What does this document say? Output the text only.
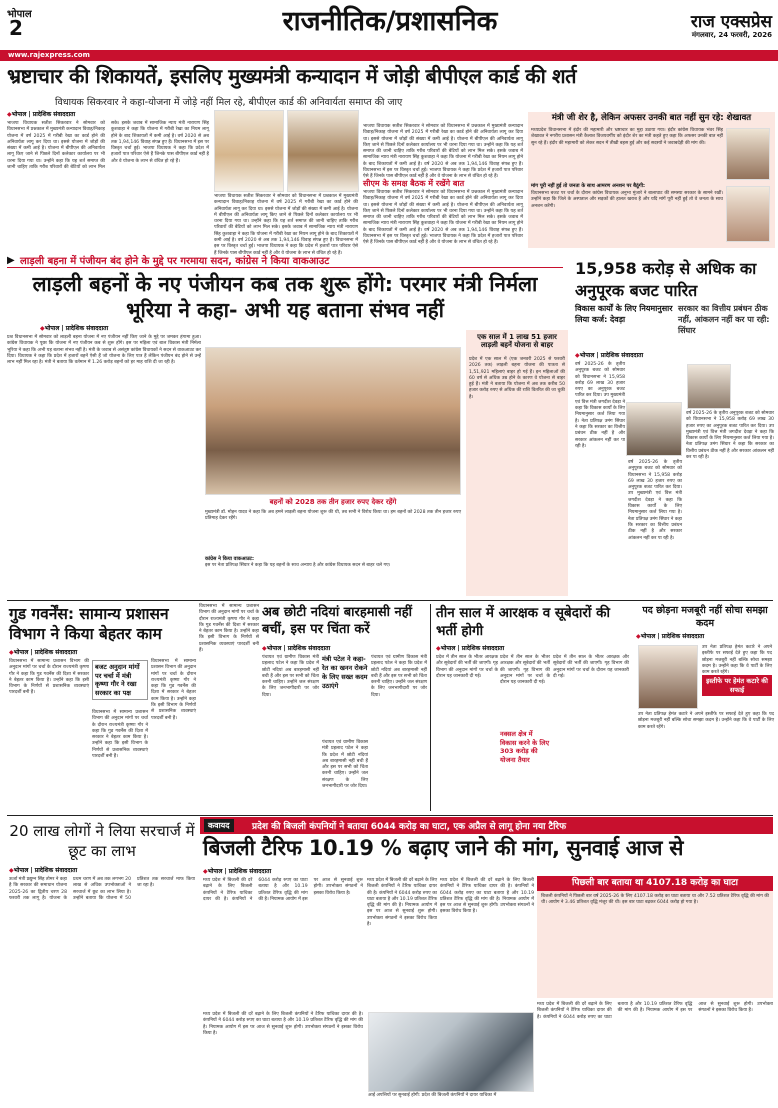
भोपाल
2	राजनीतिक/प्रशासनिक	राज एक्सप्रेस
मंगलवार, 24 फरवरी, 2026
www.rajexpress.com
भ्रष्टाचार की शिकायतें, इसलिए मुख्यमंत्री कन्यादान में जोड़ी बीपीएल कार्ड की शर्त
विधायक सिकरवार ने कहा-योजना में जोड़े नहीं मिल रहे, बीपीएल कार्ड की अनिवार्यता समाप्त की जाए
◆ भोपाल | प्रादेशिक संवाददाता
भाजपा विधायक सतीश सिकरवार ने सोमवार को विधानसभा में प्रश्नकाल में मुख्यमंत्री कन्यादान विवाह/निकाह योजना में वर्ष 2025 में गरीबी रेखा का कार्ड होने की अनिवार्यता लागू कर दिया था। इससे योजना में जोड़ों की संख्या में कमी आई है। योजना में बीपीएल की अनिवार्यता लागू किए जाने से पिछले दिनों कलेक्टर कार्यालय पर भी धरना दिया गया था। उन्होंने कहा कि यह शर्त समाप्त की जानी चाहिए ताकि गरीब परिवारों की बेटियों को लाभ मिल सके। इसके जवाब में सामाजिक न्याय मंत्री नारायण सिंह कुशवाहा ने कहा कि योजना में गरीबी रेखा का नियम लागू होने के बाद शिकायतों में कमी आई है। वर्ष 2020 से अब तक 1,94,146 विवाह संपन्न हुए हैं। विधानसभा में इस पर विस्तृत चर्चा हुई। भाजपा विधायक ने कहा कि प्रदेश में हजारों पात्र परिवार ऐसे हैं जिनके पास बीपीएल कार्ड नहीं है और वे योजना के लाभ से वंचित हो रहे हैं।
भाजपा विधायक सतीश सिकरवार ने सोमवार को विधानसभा में प्रश्नकाल में मुख्यमंत्री कन्यादान विवाह/निकाह योजना में वर्ष 2025 में गरीबी रेखा का कार्ड होने की अनिवार्यता लागू कर दिया था। इससे योजना में जोड़ों की संख्या में कमी आई है। योजना में बीपीएल की अनिवार्यता लागू किए जाने से पिछले दिनों कलेक्टर कार्यालय पर भी धरना दिया गया था। उन्होंने कहा कि यह शर्त समाप्त की जानी चाहिए ताकि गरीब परिवारों की बेटियों को लाभ मिल सके। इसके जवाब में सामाजिक न्याय मंत्री नारायण सिंह कुशवाहा ने कहा कि योजना में गरीबी रेखा का नियम लागू होने के बाद शिकायतों में कमी आई है। वर्ष 2020 से अब तक 1,94,146 विवाह संपन्न हुए हैं। विधानसभा में इस पर विस्तृत चर्चा हुई। भाजपा विधायक ने कहा कि प्रदेश में हजारों पात्र परिवार ऐसे हैं जिनके पास बीपीएल कार्ड नहीं है और वे योजना के लाभ से वंचित हो रहे हैं।
भाजपा विधायक सतीश सिकरवार ने सोमवार को विधानसभा में प्रश्नकाल में मुख्यमंत्री कन्यादान विवाह/निकाह योजना में वर्ष 2025 में गरीबी रेखा का कार्ड होने की अनिवार्यता लागू कर दिया था। इससे योजना में जोड़ों की संख्या में कमी आई है। योजना में बीपीएल की अनिवार्यता लागू किए जाने से पिछले दिनों कलेक्टर कार्यालय पर भी धरना दिया गया था। उन्होंने कहा कि यह शर्त समाप्त की जानी चाहिए ताकि गरीब परिवारों की बेटियों को लाभ मिल सके। इसके जवाब में सामाजिक न्याय मंत्री नारायण सिंह कुशवाहा ने कहा कि योजना में गरीबी रेखा का नियम लागू होने के बाद शिकायतों में कमी आई है। वर्ष 2020 से अब तक 1,94,146 विवाह संपन्न हुए हैं। विधानसभा में इस पर विस्तृत चर्चा हुई। भाजपा विधायक ने कहा कि प्रदेश में हजारों पात्र परिवार ऐसे हैं जिनके पास बीपीएल कार्ड नहीं है और वे योजना के लाभ से वंचित हो रहे हैं।
सीएम के समक्ष बैठक में रखेंगे बात
भाजपा विधायक सतीश सिकरवार ने सोमवार को विधानसभा में प्रश्नकाल में मुख्यमंत्री कन्यादान विवाह/निकाह योजना में वर्ष 2025 में गरीबी रेखा का कार्ड होने की अनिवार्यता लागू कर दिया था। इससे योजना में जोड़ों की संख्या में कमी आई है। योजना में बीपीएल की अनिवार्यता लागू किए जाने से पिछले दिनों कलेक्टर कार्यालय पर भी धरना दिया गया था। उन्होंने कहा कि यह शर्त समाप्त की जानी चाहिए ताकि गरीब परिवारों की बेटियों को लाभ मिल सके। इसके जवाब में सामाजिक न्याय मंत्री नारायण सिंह कुशवाहा ने कहा कि योजना में गरीबी रेखा का नियम लागू होने के बाद शिकायतों में कमी आई है। वर्ष 2020 से अब तक 1,94,146 विवाह संपन्न हुए हैं। विधानसभा में इस पर विस्तृत चर्चा हुई। भाजपा विधायक ने कहा कि प्रदेश में हजारों पात्र परिवार ऐसे हैं जिनके पास बीपीएल कार्ड नहीं है और वे योजना के लाभ से वंचित हो रहे हैं।
मंत्री जी शेर है, लेकिन अफसर उनकी बात नहीं सुन रहे: शेखावत
मध्यप्रदेश विधानसभा में इंदौर की महामारी और भ्रष्टाचार का मुद्दा उठाया गया। इंदौर कांग्रेस विधायक भंवर सिंह शेखावत ने नगरीय प्रशासन मंत्री कैलाश विजयवर्गीय को इंदौर शेर का मंत्री कहते हुए कहा कि अफसर उनकी बात नहीं सुन रहे हैं। इंदौर की महामारी को लेकर सदन में तीखी बहस हुई और कई सदस्यों ने जवाबदेही की मांग की।
मांग पूरी नहीं हुई तो जनता के साथ आमरण अनशन पर बैठूंगी:
विधानसभा बजट पर चर्चा के दौरान कांग्रेस विधायक अनुभा मुंजारे ने बालाघाट की समस्या सरकार के सामने रखीं। उन्होंने कहा कि जिले के अस्पताल और सड़कों की हालत खराब है और यदि मांगें पूरी नहीं हुईं तो वे जनता के साथ अनशन करेंगी।
▶ लाड़ली बहना में पंजीयन बंद होने के मुद्दे पर गरमाया सदन, कांग्रेस ने किया वाकआउट
लाड़ली बहनों के नए पंजीयन कब तक शुरू होंगे: परमार मंत्री निर्मला भूरिया ने कहा- अभी यह बताना संभव नहीं
◆ भोपाल | प्रादेशिक संवाददाता
प्रश्न विधानसभा में सोमवार को लाड़ली बहना योजना में नए पंजीयन नहीं किए जाने के मुद्दे पर जमकर हंगामा हुआ। कांग्रेस विधायक ने पूछा कि योजना में नए पंजीयन कब से शुरू होंगे। इस पर महिला एवं बाल विकास मंत्री निर्मला भूरिया ने कहा कि अभी यह बताना संभव नहीं है। मंत्री के जवाब से असंतुष्ट कांग्रेस विधायकों ने सदन से वाकआउट कर दिया। विधायक ने कहा कि प्रदेश में हजारों बहनें ऐसी हैं जो योजना के लिए पात्र हैं लेकिन पंजीयन बंद होने से उन्हें लाभ नहीं मिल रहा है। मंत्री ने बताया कि वर्तमान में 1.26 करोड़ बहनों को हर माह राशि दी जा रही है।
बहनों को 2028 तक तीन हजार रुपए देकर रहेंगे
मुख्यमंत्री डॉ. मोहन यादव ने कहा कि अब हमने लाड़ली बहना योजना शुरू की थी, तब सभी ने विरोध किया था। हम बहनों को 2028 तक तीन हजार रुपए प्रतिमाह देकर रहेंगे।
कांग्रेस ने किया वाकआउट:
इस पर नेता प्रतिपक्ष सिंघार ने कहा कि यह बहनों के साथ अन्याय है और कांग्रेस विधायक सदन से बाहर चले गए।
एक साल में 1 लाख 51 हजार लाड़ली बहनें योजना से बाहर
प्रदेश में एक साल में (एक जनवरी 2025 से फरवरी 2026 तक) लाड़ली बहना योजना की पात्रता से 1,51,921 महिलाएं बाहर हो गई हैं। इन महिलाओं की 60 वर्ष से अधिक उम्र होने के कारण वे योजना से बाहर हुई हैं। मंत्री ने बताया कि योजना में अब तक करीब 50 हजार करोड़ रुपए से अधिक की राशि वितरित की जा चुकी है।
15,958 करोड़ से अधिक का अनुपूरक बजट पारित
विकास कार्यों के लिए नियमानुसार लिया कर्ज: देवड़ा
सरकार का वित्तीय प्रबंधन ठीक नहीं, आंकलन नहीं कर पा रही: सिंघार
◆ भोपाल | प्रादेशिक संवाददाता
वर्ष 2025-26 के तृतीय अनुपूरक बजट को सोमवार को विधानसभा ने 15,958 करोड़ 69 लाख 30 हजार रुपए का अनुपूरक बजट पारित कर दिया। उप मुख्यमंत्री एवं वित्त मंत्री जगदीश देवड़ा ने कहा कि विकास कार्यों के लिए नियमानुसार कर्ज लिया गया है। नेता प्रतिपक्ष उमंग सिंघार ने कहा कि सरकार का वित्तीय प्रबंधन ठीक नहीं है और सरकार आंकलन नहीं कर पा रही है।
वर्ष 2025-26 के तृतीय अनुपूरक बजट को सोमवार को विधानसभा ने 15,958 करोड़ 69 लाख 30 हजार रुपए का अनुपूरक बजट पारित कर दिया। उप मुख्यमंत्री एवं वित्त मंत्री जगदीश देवड़ा ने कहा कि विकास कार्यों के लिए नियमानुसार कर्ज लिया गया है। नेता प्रतिपक्ष उमंग सिंघार ने कहा कि सरकार का वित्तीय प्रबंधन ठीक नहीं है और सरकार आंकलन नहीं कर पा रही है।
वर्ष 2025-26 के तृतीय अनुपूरक बजट को सोमवार को विधानसभा ने 15,958 करोड़ 69 लाख 30 हजार रुपए का अनुपूरक बजट पारित कर दिया। उप मुख्यमंत्री एवं वित्त मंत्री जगदीश देवड़ा ने कहा कि विकास कार्यों के लिए नियमानुसार कर्ज लिया गया है। नेता प्रतिपक्ष उमंग सिंघार ने कहा कि सरकार का वित्तीय प्रबंधन ठीक नहीं है और सरकार आंकलन नहीं कर पा रही है।
गुड गवर्नेंस: सामान्य प्रशासन विभाग ने किया बेहतर काम
◆ भोपाल | प्रादेशिक संवाददाता
विधानसभा में सामान्य प्रशासन विभाग की अनुदान मांगों पर चर्चा के दौरान राज्यमंत्री कृष्णा गौर ने कहा कि गुड गवर्नेंस की दिशा में सरकार ने बेहतर काम किया है। उन्होंने कहा कि इसी विभाग के निर्णयों से प्रशासनिक व्यवस्थाएं पारदर्शी बनी हैं।
बजट अनुदान मांगों पर चर्चा में मंत्री कृष्णा गौर ने रखा सरकार का पक्ष
विधानसभा में सामान्य प्रशासन विभाग की अनुदान मांगों पर चर्चा के दौरान राज्यमंत्री कृष्णा गौर ने कहा कि गुड गवर्नेंस की दिशा में सरकार ने बेहतर काम किया है। उन्होंने कहा कि इसी विभाग के निर्णयों से प्रशासनिक व्यवस्थाएं पारदर्शी बनी हैं।
विधानसभा में सामान्य प्रशासन विभाग की अनुदान मांगों पर चर्चा के दौरान राज्यमंत्री कृष्णा गौर ने कहा कि गुड गवर्नेंस की दिशा में सरकार ने बेहतर काम किया है। उन्होंने कहा कि इसी विभाग के निर्णयों से प्रशासनिक व्यवस्थाएं पारदर्शी बनी हैं।
विधानसभा में सामान्य प्रशासन विभाग की अनुदान मांगों पर चर्चा के दौरान राज्यमंत्री कृष्णा गौर ने कहा कि गुड गवर्नेंस की दिशा में सरकार ने बेहतर काम किया है। उन्होंने कहा कि इसी विभाग के निर्णयों से प्रशासनिक व्यवस्थाएं पारदर्शी बनी हैं।
अब छोटी नदियां बारहमासी नहीं बचीं, इस पर चिंता करें
◆ भोपाल | प्रादेशिक संवाददाता
पंचायत एवं ग्रामीण विकास मंत्री प्रहलाद पटेल ने कहा कि प्रदेश में छोटी नदियां अब बारहमासी नहीं बची हैं और इस पर सभी को चिंता करनी चाहिए। उन्होंने जल संरक्षण के लिए जनभागीदारी पर जोर दिया।
मंत्री पटेल ने कहा-रेत का खनन रोकने के लिए सख्त कदम उठाएंगे
पंचायत एवं ग्रामीण विकास मंत्री प्रहलाद पटेल ने कहा कि प्रदेश में छोटी नदियां अब बारहमासी नहीं बची हैं और इस पर सभी को चिंता करनी चाहिए। उन्होंने जल संरक्षण के लिए जनभागीदारी पर जोर दिया।
पंचायत एवं ग्रामीण विकास मंत्री प्रहलाद पटेल ने कहा कि प्रदेश में छोटी नदियां अब बारहमासी नहीं बची हैं और इस पर सभी को चिंता करनी चाहिए। उन्होंने जल संरक्षण के लिए जनभागीदारी पर जोर दिया।
तीन साल में आरक्षक व सूबेदारों की भर्ती होगी
◆ भोपाल | प्रादेशिक संवाददाता
प्रदेश में तीन साल के भीतर आरक्षक और सूबेदारों की भर्ती की जाएगी। गृह विभाग की अनुदान मांगों पर चर्चा के दौरान यह जानकारी दी गई।
नक्सल क्षेत्र में विकास करने के लिए 303 करोड़ की योजना तैयार
प्रदेश में तीन साल के भीतर आरक्षक और सूबेदारों की भर्ती की जाएगी। गृह विभाग की अनुदान मांगों पर चर्चा के दौरान यह जानकारी दी गई।
प्रदेश में तीन साल के भीतर आरक्षक और सूबेदारों की भर्ती की जाएगी। गृह विभाग की अनुदान मांगों पर चर्चा के दौरान यह जानकारी दी गई।
पद छोड़ना मजबूरी नहीं सोचा समझा कदम
◆ भोपाल | प्रादेशिक संवाददाता
इस्तीफे पर हेमंत कटारे की सफाई
उप नेता प्रतिपक्ष हेमंत कटारे ने अपने इस्तीफे पर सफाई देते हुए कहा कि पद छोड़ना मजबूरी नहीं बल्कि सोचा समझा कदम है। उन्होंने कहा कि वे पार्टी के लिए काम करते रहेंगे।
उप नेता प्रतिपक्ष हेमंत कटारे ने अपने इस्तीफे पर सफाई देते हुए कहा कि पद छोड़ना मजबूरी नहीं बल्कि सोचा समझा कदम है। उन्होंने कहा कि वे पार्टी के लिए काम करते रहेंगे।
20 लाख लोगों ने लिया सरचार्ज में छूट का लाभ
◆ भोपाल | प्रादेशिक संवाददाता
ऊर्जा मंत्री प्रद्युम्न सिंह तोमर ने कहा है कि सरकार की समाधान योजना 2025-26 का द्वितीय चरण 28 फरवरी तक लागू है। योजना के प्रथम चरण में अब तक लगभग 20 लाख से अधिक उपभोक्ताओं ने सरचार्ज में छूट का लाभ लिया है। उन्होंने बताया कि योजना में 50 प्रतिशत तक सरचार्ज माफ किया जा रहा है।
कवायद	प्रदेश की बिजली कंपनियों ने बताया 6044 करोड़ का घाटा, एक अप्रैल से लागू होना नया टैरिफ
बिजली टैरिफ 10.19 % बढ़ाए जाने की मांग, सुनवाई आज से
◆ भोपाल | प्रादेशिक संवाददाता
मध्य प्रदेश में बिजली की दरें बढ़ाने के लिए बिजली कंपनियों ने टैरिफ याचिका दायर की है। कंपनियों ने 6044 करोड़ रुपए का घाटा बताया है और 10.19 प्रतिशत टैरिफ वृद्धि की मांग की है। नियामक आयोग में इस पर आज से सुनवाई शुरू होगी। उपभोक्ता संगठनों ने इसका विरोध किया है।
मध्य प्रदेश में बिजली की दरें बढ़ाने के लिए बिजली कंपनियों ने टैरिफ याचिका दायर की है। कंपनियों ने 6044 करोड़ रुपए का घाटा बताया है और 10.19 प्रतिशत टैरिफ वृद्धि की मांग की है। नियामक आयोग में इस पर आज से सुनवाई शुरू होगी। उपभोक्ता संगठनों ने इसका विरोध किया है।
आई अपत्तियों पर सुनवाई होगी: प्रदेश की बिजली कंपनियों ने दायर याचिका में
मध्य प्रदेश में बिजली की दरें बढ़ाने के लिए बिजली कंपनियों ने टैरिफ याचिका दायर की है। कंपनियों ने 6044 करोड़ रुपए का घाटा बताया है और 10.19 प्रतिशत टैरिफ वृद्धि की मांग की है। नियामक आयोग में इस पर आज से सुनवाई शुरू होगी। उपभोक्ता संगठनों ने इसका विरोध किया है।
मध्य प्रदेश में बिजली की दरें बढ़ाने के लिए बिजली कंपनियों ने टैरिफ याचिका दायर की है। कंपनियों ने 6044 करोड़ रुपए का घाटा बताया है और 10.19 प्रतिशत टैरिफ वृद्धि की मांग की है। नियामक आयोग में इस पर आज से सुनवाई शुरू होगी। उपभोक्ता संगठनों ने इसका विरोध किया है।
पिछली बार बताया था 4107.18 करोड़ का घाटा
बिजली कंपनियों ने पिछली बार वर्ष 2025-26 के लिए 4107.18 करोड़ का घाटा बताया था और 7.52 प्रतिशत टैरिफ वृद्धि की मांग की थी। आयोग ने 3.46 प्रतिशत वृद्धि मंजूर की थी। इस बार घाटा बढ़कर 6044 करोड़ हो गया है।
मध्य प्रदेश में बिजली की दरें बढ़ाने के लिए बिजली कंपनियों ने टैरिफ याचिका दायर की है। कंपनियों ने 6044 करोड़ रुपए का घाटा बताया है और 10.19 प्रतिशत टैरिफ वृद्धि की मांग की है। नियामक आयोग में इस पर आज से सुनवाई शुरू होगी। उपभोक्ता संगठनों ने इसका विरोध किया है।
